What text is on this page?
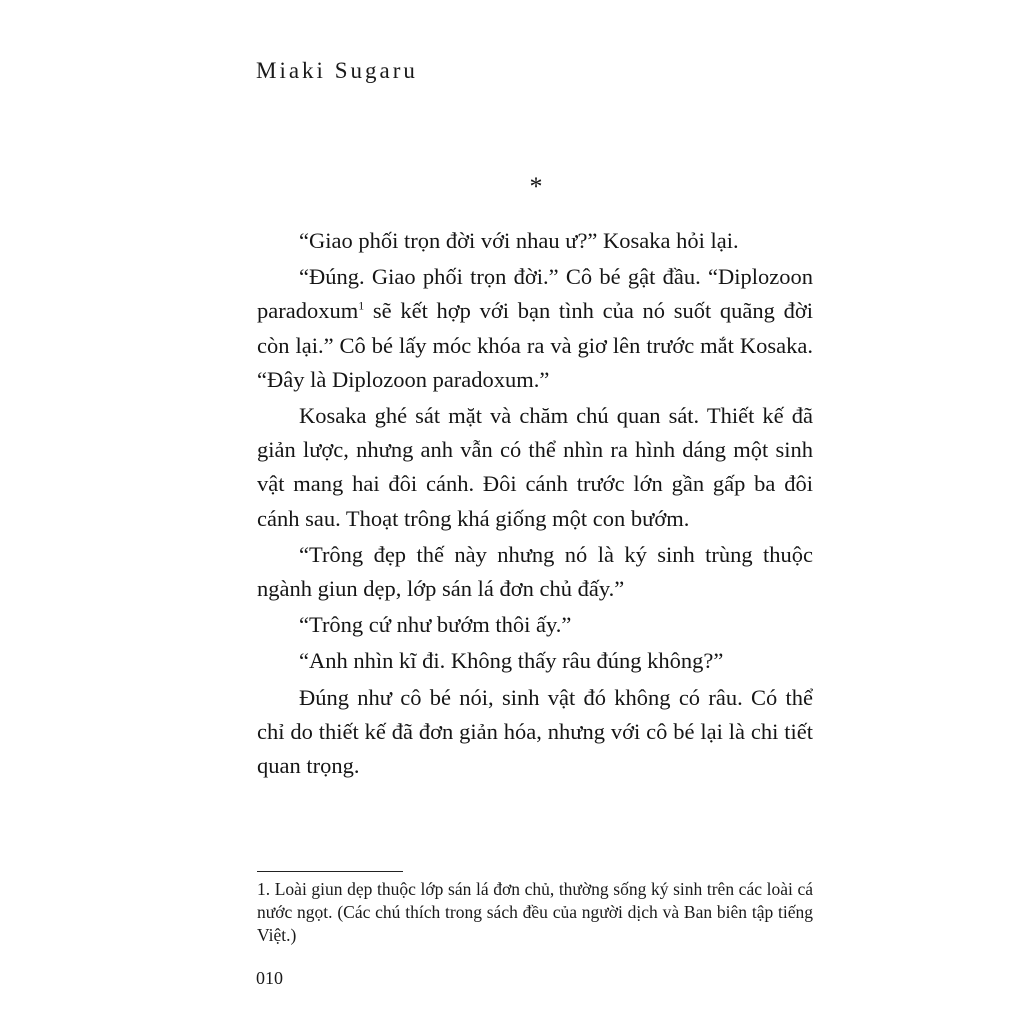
Miaki Sugaru
*

“Giao phối trọn đời với nhau ư?” Kosaka hỏi lại.

“Đúng. Giao phối trọn đời.” Cô bé gật đầu. “Diplozoon paradoxum$^1$ sẽ kết hợp với bạn tình của nó suốt quãng đời còn lại.” Cô bé lấy móc khóa ra và giơ lên trước mắt Kosaka. “Đây là Diplozoon paradoxum.”

Kosaka ghé sát mặt và chăm chú quan sát. Thiết kế đã giản lược, nhưng anh vẫn có thể nhìn ra hình dáng một sinh vật mang hai đôi cánh. Đôi cánh trước lớn gần gấp ba đôi cánh sau. Thoạt trông khá giống một con bướm.

“Trông đẹp thế này nhưng nó là ký sinh trùng thuộc ngành giun dẹp, lớp sán lá đơn chủ đấy.”

“Trông cứ như bướm thôi ấy.”

“Anh nhìn kĩ đi. Không thấy râu đúng không?”

Đúng như cô bé nói, sinh vật đó không có râu. Có thể chỉ do thiết kế đã đơn giản hóa, nhưng với cô bé lại là chi tiết quan trọng.

1. Loài giun dẹp thuộc lớp sán lá đơn chủ, thường sống ký sinh trên các loài cá nước ngọt. (Các chú thích trong sách đều của người dịch và Ban biên tập tiếng Việt.)
010
